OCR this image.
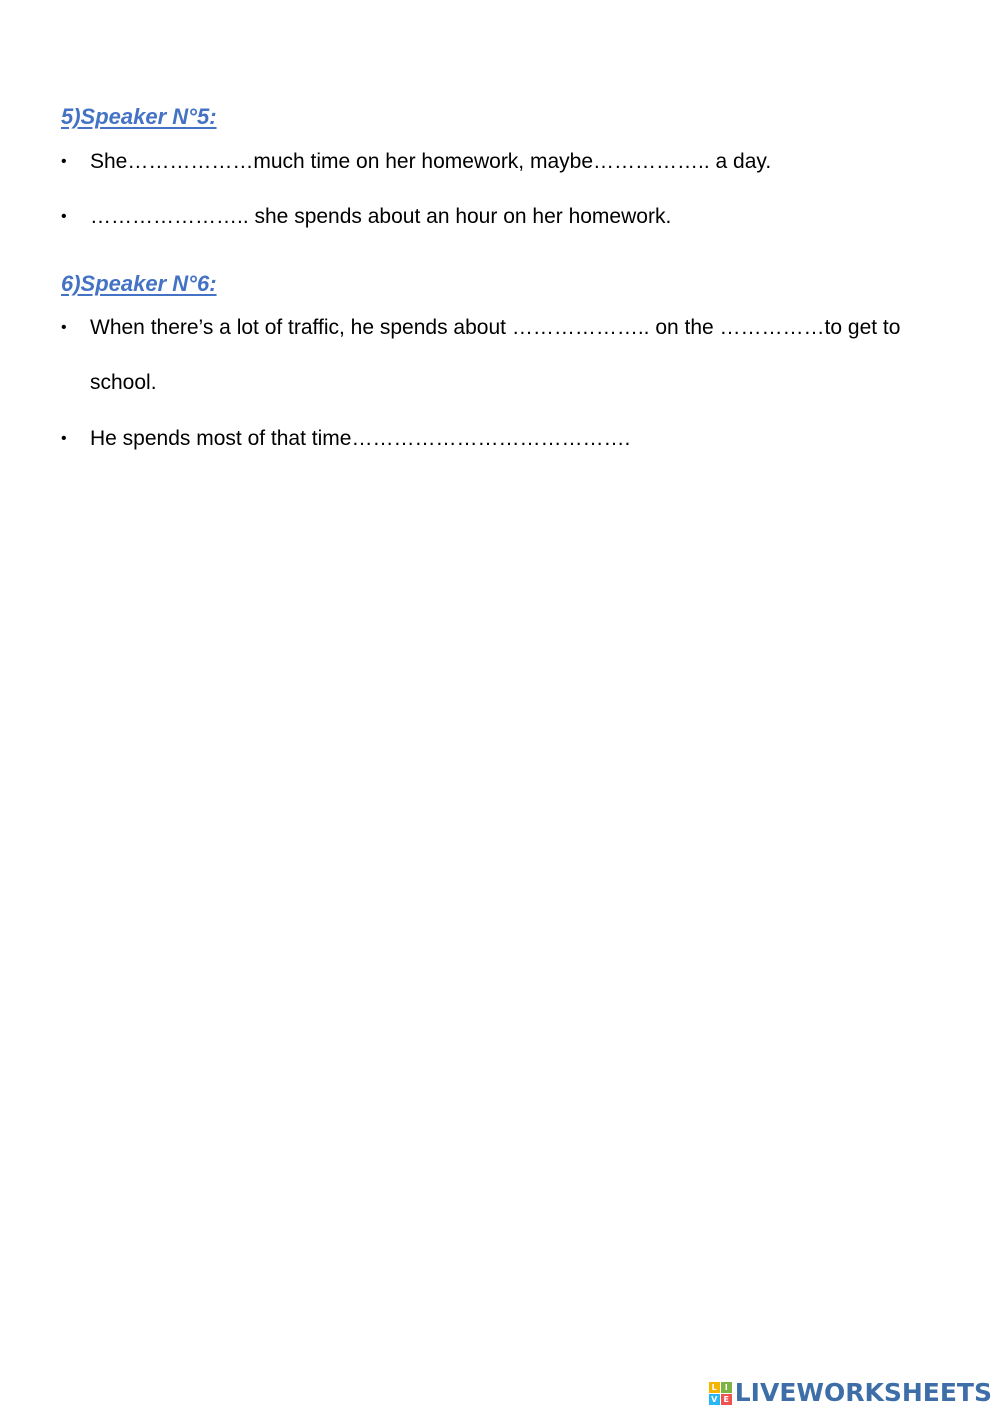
5)Speaker N°5:
•	She………………much time on her homework, maybe…………….. a day.
•	………………….. she spends about an hour on her homework.
6)Speaker N°6:
•	When there’s a lot of traffic, he spends about ……………….. on the ……………to get to school.
•	He spends most of that time………………………………….
L I
V E LIVEWORKSHEETS
